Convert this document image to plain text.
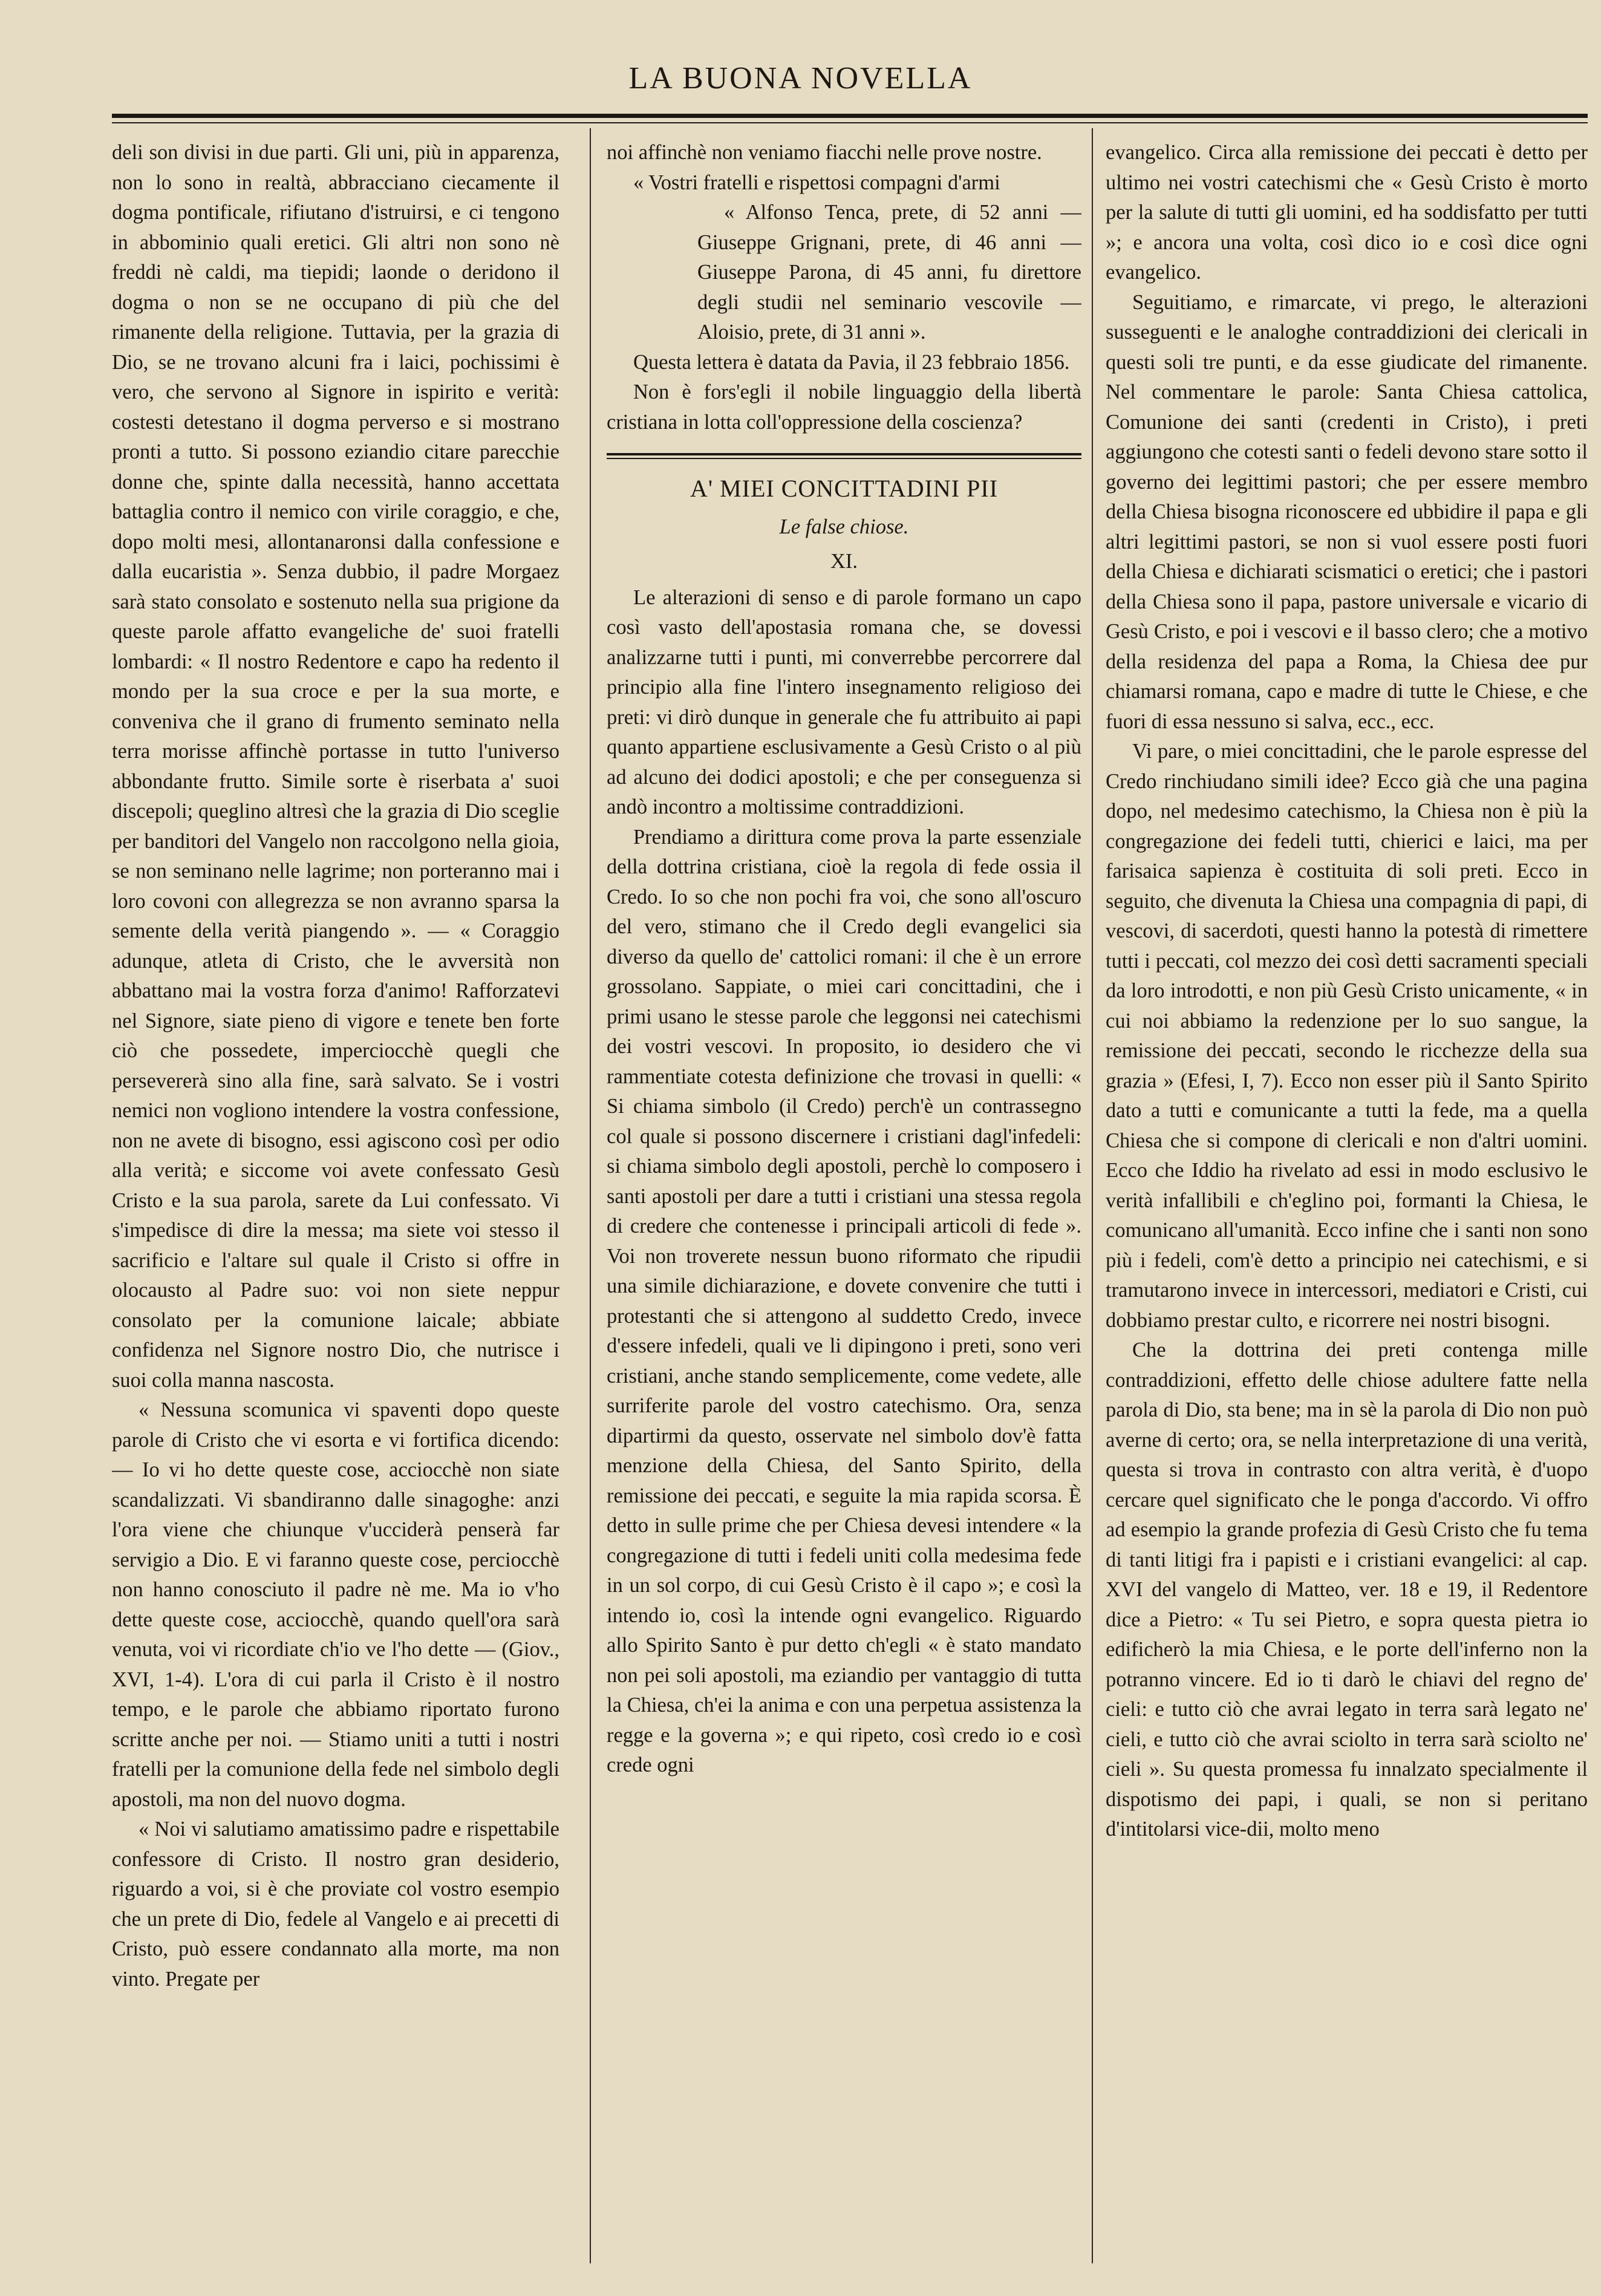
LA BUONA NOVELLA

deli son divisi in due parti. Gli uni, più in apparenza, non lo sono in realtà, abbracciano ciecamente il dogma pontificale, rifiutano d'istruirsi, e ci tengono in abbominio quali eretici. Gli altri non sono nè freddi nè caldi, ma tiepidi; laonde o deridono il dogma o non se ne occupano di più che del rimanente della religione. Tuttavia, per la grazia di Dio, se ne trovano alcuni fra i laici, pochissimi è vero, che servono al Signore in ispirito e verità: costesti detestano il dogma perverso e si mostrano pronti a tutto. Si possono eziandio citare parecchie donne che, spinte dalla necessità, hanno accettata battaglia contro il nemico con virile coraggio, e che, dopo molti mesi, allontanaronsi dalla confessione e dalla eucaristia ». Senza dubbio, il padre Morgaez sarà stato consolato e sostenuto nella sua prigione da queste parole affatto evangeliche de' suoi fratelli lombardi: « Il nostro Redentore e capo ha redento il mondo per la sua croce e per la sua morte, e conveniva che il grano di frumento seminato nella terra morisse affinchè portasse in tutto l'universo abbondante frutto. Simile sorte è riserbata a' suoi discepoli; queglino altresì che la grazia di Dio sceglie per banditori del Vangelo non raccolgono nella gioia, se non seminano nelle lagrime; non porteranno mai i loro covoni con allegrezza se non avranno sparsa la semente della verità piangendo ». — « Coraggio adunque, atleta di Cristo, che le avversità non abbattano mai la vostra forza d'animo! Rafforzatevi nel Signore, siate pieno di vigore e tenete ben forte ciò che possedete, imperciocchè quegli che persevererà sino alla fine, sarà salvato. Se i vostri nemici non vogliono intendere la vostra confessione, non ne avete di bisogno, essi agiscono così per odio alla verità; e siccome voi avete confessato Gesù Cristo e la sua parola, sarete da Lui confessato. Vi s'impedisce di dire la messa; ma siete voi stesso il sacrificio e l'altare sul quale il Cristo si offre in olocausto al Padre suo: voi non siete neppur consolato per la comunione laicale; abbiate confidenza nel Signore nostro Dio, che nutrisce i suoi colla manna nascosta.

« Nessuna scomunica vi spaventi dopo queste parole di Cristo che vi esorta e vi fortifica dicendo: — Io vi ho dette queste cose, acciocchè non siate scandalizzati. Vi sbandiranno dalle sinagoghe: anzi l'ora viene che chiunque v'ucciderà penserà far servigio a Dio. E vi faranno queste cose, perciocchè non hanno conosciuto il padre nè me. Ma io v'ho dette queste cose, acciocchè, quando quell'ora sarà venuta, voi vi ricordiate ch'io ve l'ho dette — (Giov., XVI, 1-4). L'ora di cui parla il Cristo è il nostro tempo, e le parole che abbiamo riportato furono scritte anche per noi. — Stiamo uniti a tutti i nostri fratelli per la comunione della fede nel simbolo degli apostoli, ma non del nuovo dogma.

« Noi vi salutiamo amatissimo padre e rispettabile confessore di Cristo. Il nostro gran desiderio, riguardo a voi, si è che proviate col vostro esempio che un prete di Dio, fedele al Vangelo e ai precetti di Cristo, può essere condannato alla morte, ma non vinto. Pregate per

noi affinchè non veniamo fiacchi nelle prove nostre.

« Vostri fratelli e rispettosi compagni d'armi

« Alfonso Tenca, prete, di 52 anni — Giuseppe Grignani, prete, di 46 anni — Giuseppe Parona, di 45 anni, fu direttore degli studii nel seminario vescovile — Aloisio, prete, di 31 anni ».

Questa lettera è datata da Pavia, il 23 febbraio 1856.

Non è fors'egli il nobile linguaggio della libertà cristiana in lotta coll'oppressione della coscienza?

A' MIEI CONCITTADINI PII
Le false chiose.
XI.

Le alterazioni di senso e di parole formano un capo così vasto dell'apostasia romana che, se dovessi analizzarne tutti i punti, mi converrebbe percorrere dal principio alla fine l'intero insegnamento religioso dei preti: vi dirò dunque in generale che fu attribuito ai papi quanto appartiene esclusivamente a Gesù Cristo o al più ad alcuno dei dodici apostoli; e che per conseguenza si andò incontro a moltissime contraddizioni.

Prendiamo a dirittura come prova la parte essenziale della dottrina cristiana, cioè la regola di fede ossia il Credo. Io so che non pochi fra voi, che sono all'oscuro del vero, stimano che il Credo degli evangelici sia diverso da quello de' cattolici romani: il che è un errore grossolano. Sappiate, o miei cari concittadini, che i primi usano le stesse parole che leggonsi nei catechismi dei vostri vescovi. In proposito, io desidero che vi rammentiate cotesta definizione che trovasi in quelli: « Si chiama simbolo (il Credo) perch'è un contrassegno col quale si possono discernere i cristiani dagl'infedeli: si chiama simbolo degli apostoli, perchè lo composero i santi apostoli per dare a tutti i cristiani una stessa regola di credere che contenesse i principali articoli di fede ». Voi non troverete nessun buono riformato che ripudii una simile dichiarazione, e dovete convenire che tutti i protestanti che si attengono al suddetto Credo, invece d'essere infedeli, quali ve li dipingono i preti, sono veri cristiani, anche stando semplicemente, come vedete, alle surriferite parole del vostro catechismo. Ora, senza dipartirmi da questo, osservate nel simbolo dov'è fatta menzione della Chiesa, del Santo Spirito, della remissione dei peccati, e seguite la mia rapida scorsa. È detto in sulle prime che per Chiesa devesi intendere « la congregazione di tutti i fedeli uniti colla medesima fede in un sol corpo, di cui Gesù Cristo è il capo »; e così la intendo io, così la intende ogni evangelico. Riguardo allo Spirito Santo è pur detto ch'egli « è stato mandato non pei soli apostoli, ma eziandio per vantaggio di tutta la Chiesa, ch'ei la anima e con una perpetua assistenza la regge e la governa »; e qui ripeto, così credo io e così crede ogni

evangelico. Circa alla remissione dei peccati è detto per ultimo nei vostri catechismi che « Gesù Cristo è morto per la salute di tutti gli uomini, ed ha soddisfatto per tutti »; e ancora una volta, così dico io e così dice ogni evangelico.

Seguitiamo, e rimarcate, vi prego, le alterazioni susseguenti e le analoghe contraddizioni dei clericali in questi soli tre punti, e da esse giudicate del rimanente. Nel commentare le parole: Santa Chiesa cattolica, Comunione dei santi (credenti in Cristo), i preti aggiungono che cotesti santi o fedeli devono stare sotto il governo dei legittimi pastori; che per essere membro della Chiesa bisogna riconoscere ed ubbidire il papa e gli altri legittimi pastori, se non si vuol essere posti fuori della Chiesa e dichiarati scismatici o eretici; che i pastori della Chiesa sono il papa, pastore universale e vicario di Gesù Cristo, e poi i vescovi e il basso clero; che a motivo della residenza del papa a Roma, la Chiesa dee pur chiamarsi romana, capo e madre di tutte le Chiese, e che fuori di essa nessuno si salva, ecc., ecc.

Vi pare, o miei concittadini, che le parole espresse del Credo rinchiudano simili idee? Ecco già che una pagina dopo, nel medesimo catechismo, la Chiesa non è più la congregazione dei fedeli tutti, chierici e laici, ma per farisaica sapienza è costituita di soli preti. Ecco in seguito, che divenuta la Chiesa una compagnia di papi, di vescovi, di sacerdoti, questi hanno la potestà di rimettere tutti i peccati, col mezzo dei così detti sacramenti speciali da loro introdotti, e non più Gesù Cristo unicamente, « in cui noi abbiamo la redenzione per lo suo sangue, la remissione dei peccati, secondo le ricchezze della sua grazia » (Efesi, I, 7). Ecco non esser più il Santo Spirito dato a tutti e comunicante a tutti la fede, ma a quella Chiesa che si compone di clericali e non d'altri uomini. Ecco che Iddio ha rivelato ad essi in modo esclusivo le verità infallibili e ch'eglino poi, formanti la Chiesa, le comunicano all'umanità. Ecco infine che i santi non sono più i fedeli, com'è detto a principio nei catechismi, e si tramutarono invece in intercessori, mediatori e Cristi, cui dobbiamo prestar culto, e ricorrere nei nostri bisogni.

Che la dottrina dei preti contenga mille contraddizioni, effetto delle chiose adultere fatte nella parola di Dio, sta bene; ma in sè la parola di Dio non può averne di certo; ora, se nella interpretazione di una verità, questa si trova in contrasto con altra verità, è d'uopo cercare quel significato che le ponga d'accordo. Vi offro ad esempio la grande profezia di Gesù Cristo che fu tema di tanti litigi fra i papisti e i cristiani evangelici: al cap. XVI del vangelo di Matteo, ver. 18 e 19, il Redentore dice a Pietro: « Tu sei Pietro, e sopra questa pietra io edificherò la mia Chiesa, e le porte dell'inferno non la potranno vincere. Ed io ti darò le chiavi del regno de' cieli: e tutto ciò che avrai legato in terra sarà legato ne' cieli, e tutto ciò che avrai sciolto in terra sarà sciolto ne' cieli ». Su questa promessa fu innalzato specialmente il dispotismo dei papi, i quali, se non si peritano d'intitolarsi vice-dii, molto meno
